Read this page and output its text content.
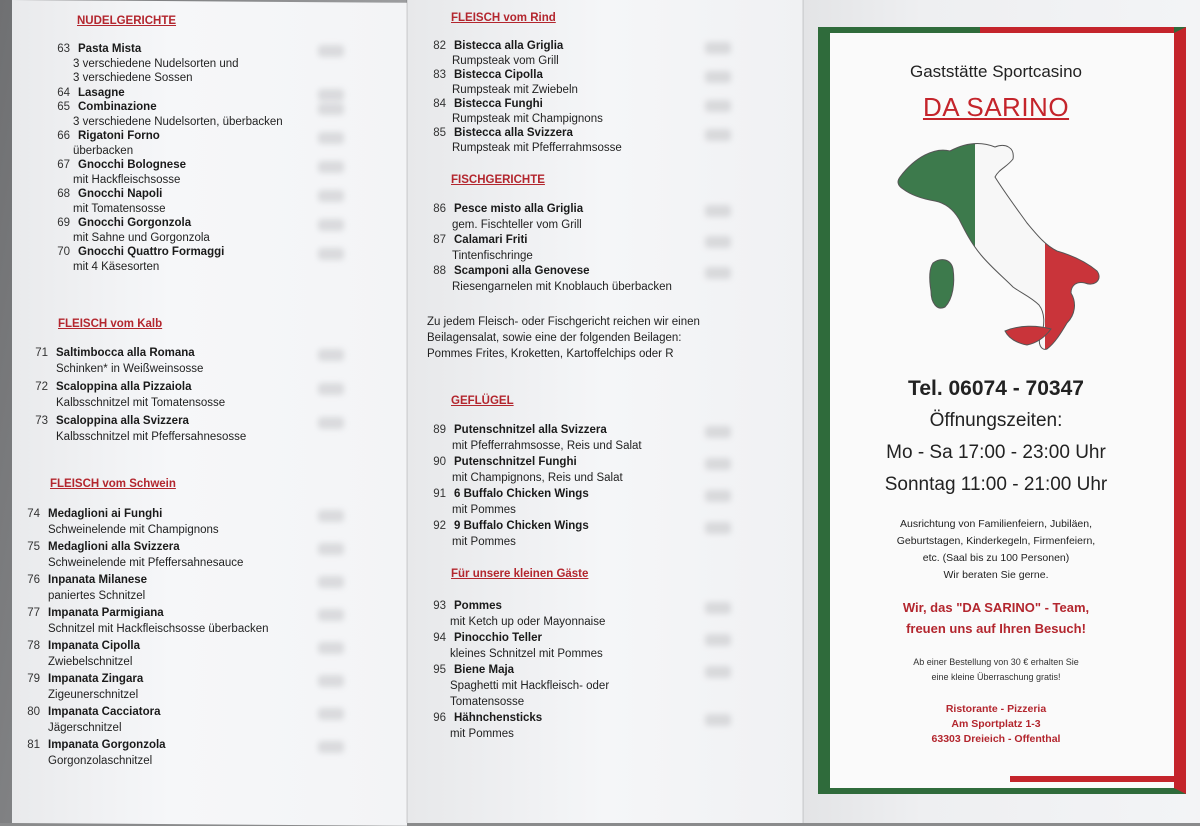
NUDELGERICHTE
63 Pasta Mista
3 verschiedene Nudelsorten und
3 verschiedene Sossen
64 Lasagne
65 Combinazione
3 verschiedene Nudelsorten, überbacken
66 Rigatoni Forno
überbacken
67 Gnocchi Bolognese
mit Hackfleischsosse
68 Gnocchi Napoli
mit Tomatensosse
69 Gnocchi Gorgonzola
mit Sahne und Gorgonzola
70 Gnocchi Quattro Formaggi
mit 4 Käsesorten
FLEISCH vom Kalb
71 Saltimbocca alla Romana
Schinken* in Weißweinsosse
72 Scaloppina alla Pizzaiola
Kalbsschnitzel mit Tomatensosse
73 Scaloppina alla Svizzera
Kalbsschnitzel mit Pfeffersahnesosse
FLEISCH vom Schwein
74 Medaglioni ai Funghi
Schweinelende mit Champignons
75 Medaglioni alla Svizzera
Schweinelende mit Pfeffersahnesauce
76 Inpanata Milanese
paniertes Schnitzel
77 Impanata Parmigiana
Schnitzel mit Hackfleischsosse überbacken
78 Impanata Cipolla
Zwiebelschnitzel
79 Impanata Zingara
Zigeunerschnitzel
80 Impanata Cacciatora
Jägerschnitzel
81 Impanata Gorgonzola
Gorgonzolaschnitzel
FLEISCH vom Rind
82 Bistecca alla Griglia
Rumpsteak vom Grill
83 Bistecca Cipolla
Rumpsteak mit Zwiebeln
84 Bistecca Funghi
Rumpsteak mit Champignons
85 Bistecca alla Svizzera
Rumpsteak mit Pfefferrahmsosse
FISCHGERICHTE
86 Pesce misto alla Griglia
gem. Fischteller vom Grill
87 Calamari Friti
Tintenfischringe
88 Scamponi alla Genovese
Riesengarnelen mit Knoblauch überbacken
GEFLÜGEL
89 Putenschnitzel alla Svizzera
mit Pfefferrahmsosse, Reis und Salat
90 Putenschnitzel Funghi
mit Champignons, Reis und Salat
91 6 Buffalo Chicken Wings
mit Pommes
92 9 Buffalo Chicken Wings
mit Pommes
Für unsere kleinen Gäste
93 Pommes
mit Ketch up oder Mayonnaise
94 Pinocchio Teller
kleines Schnitzel mit Pommes
95 Biene Maja
Spaghetti mit Hackfleisch- oder
Tomatensosse
96 Hähnchensticks
mit Pommes
Zu jedem Fleisch- oder Fischgericht reichen wir einen
Beilagensalat, sowie eine der folgenden Beilagen:
Pommes Frites, Kroketten, Kartoffelchips oder R
Gaststätte Sportcasino
DA SARINO
Tel. 06074 - 70347
Öffnungszeiten:
Mo - Sa 17:00 - 23:00 Uhr
Sonntag 11:00 - 21:00 Uhr
Ausrichtung von Familienfeiern, Jubiläen,
Geburtstagen, Kinderkegeln, Firmenfeiern,
etc. (Saal bis zu 100 Personen)
Wir beraten Sie gerne.
Wir, das "DA SARINO" - Team,
freuen uns auf Ihren Besuch!
Ab einer Bestellung von 30 € erhalten Sie
eine kleine Überraschung gratis!
Ristorante - Pizzeria
Am Sportplatz 1-3
63303 Dreieich - Offenthal
